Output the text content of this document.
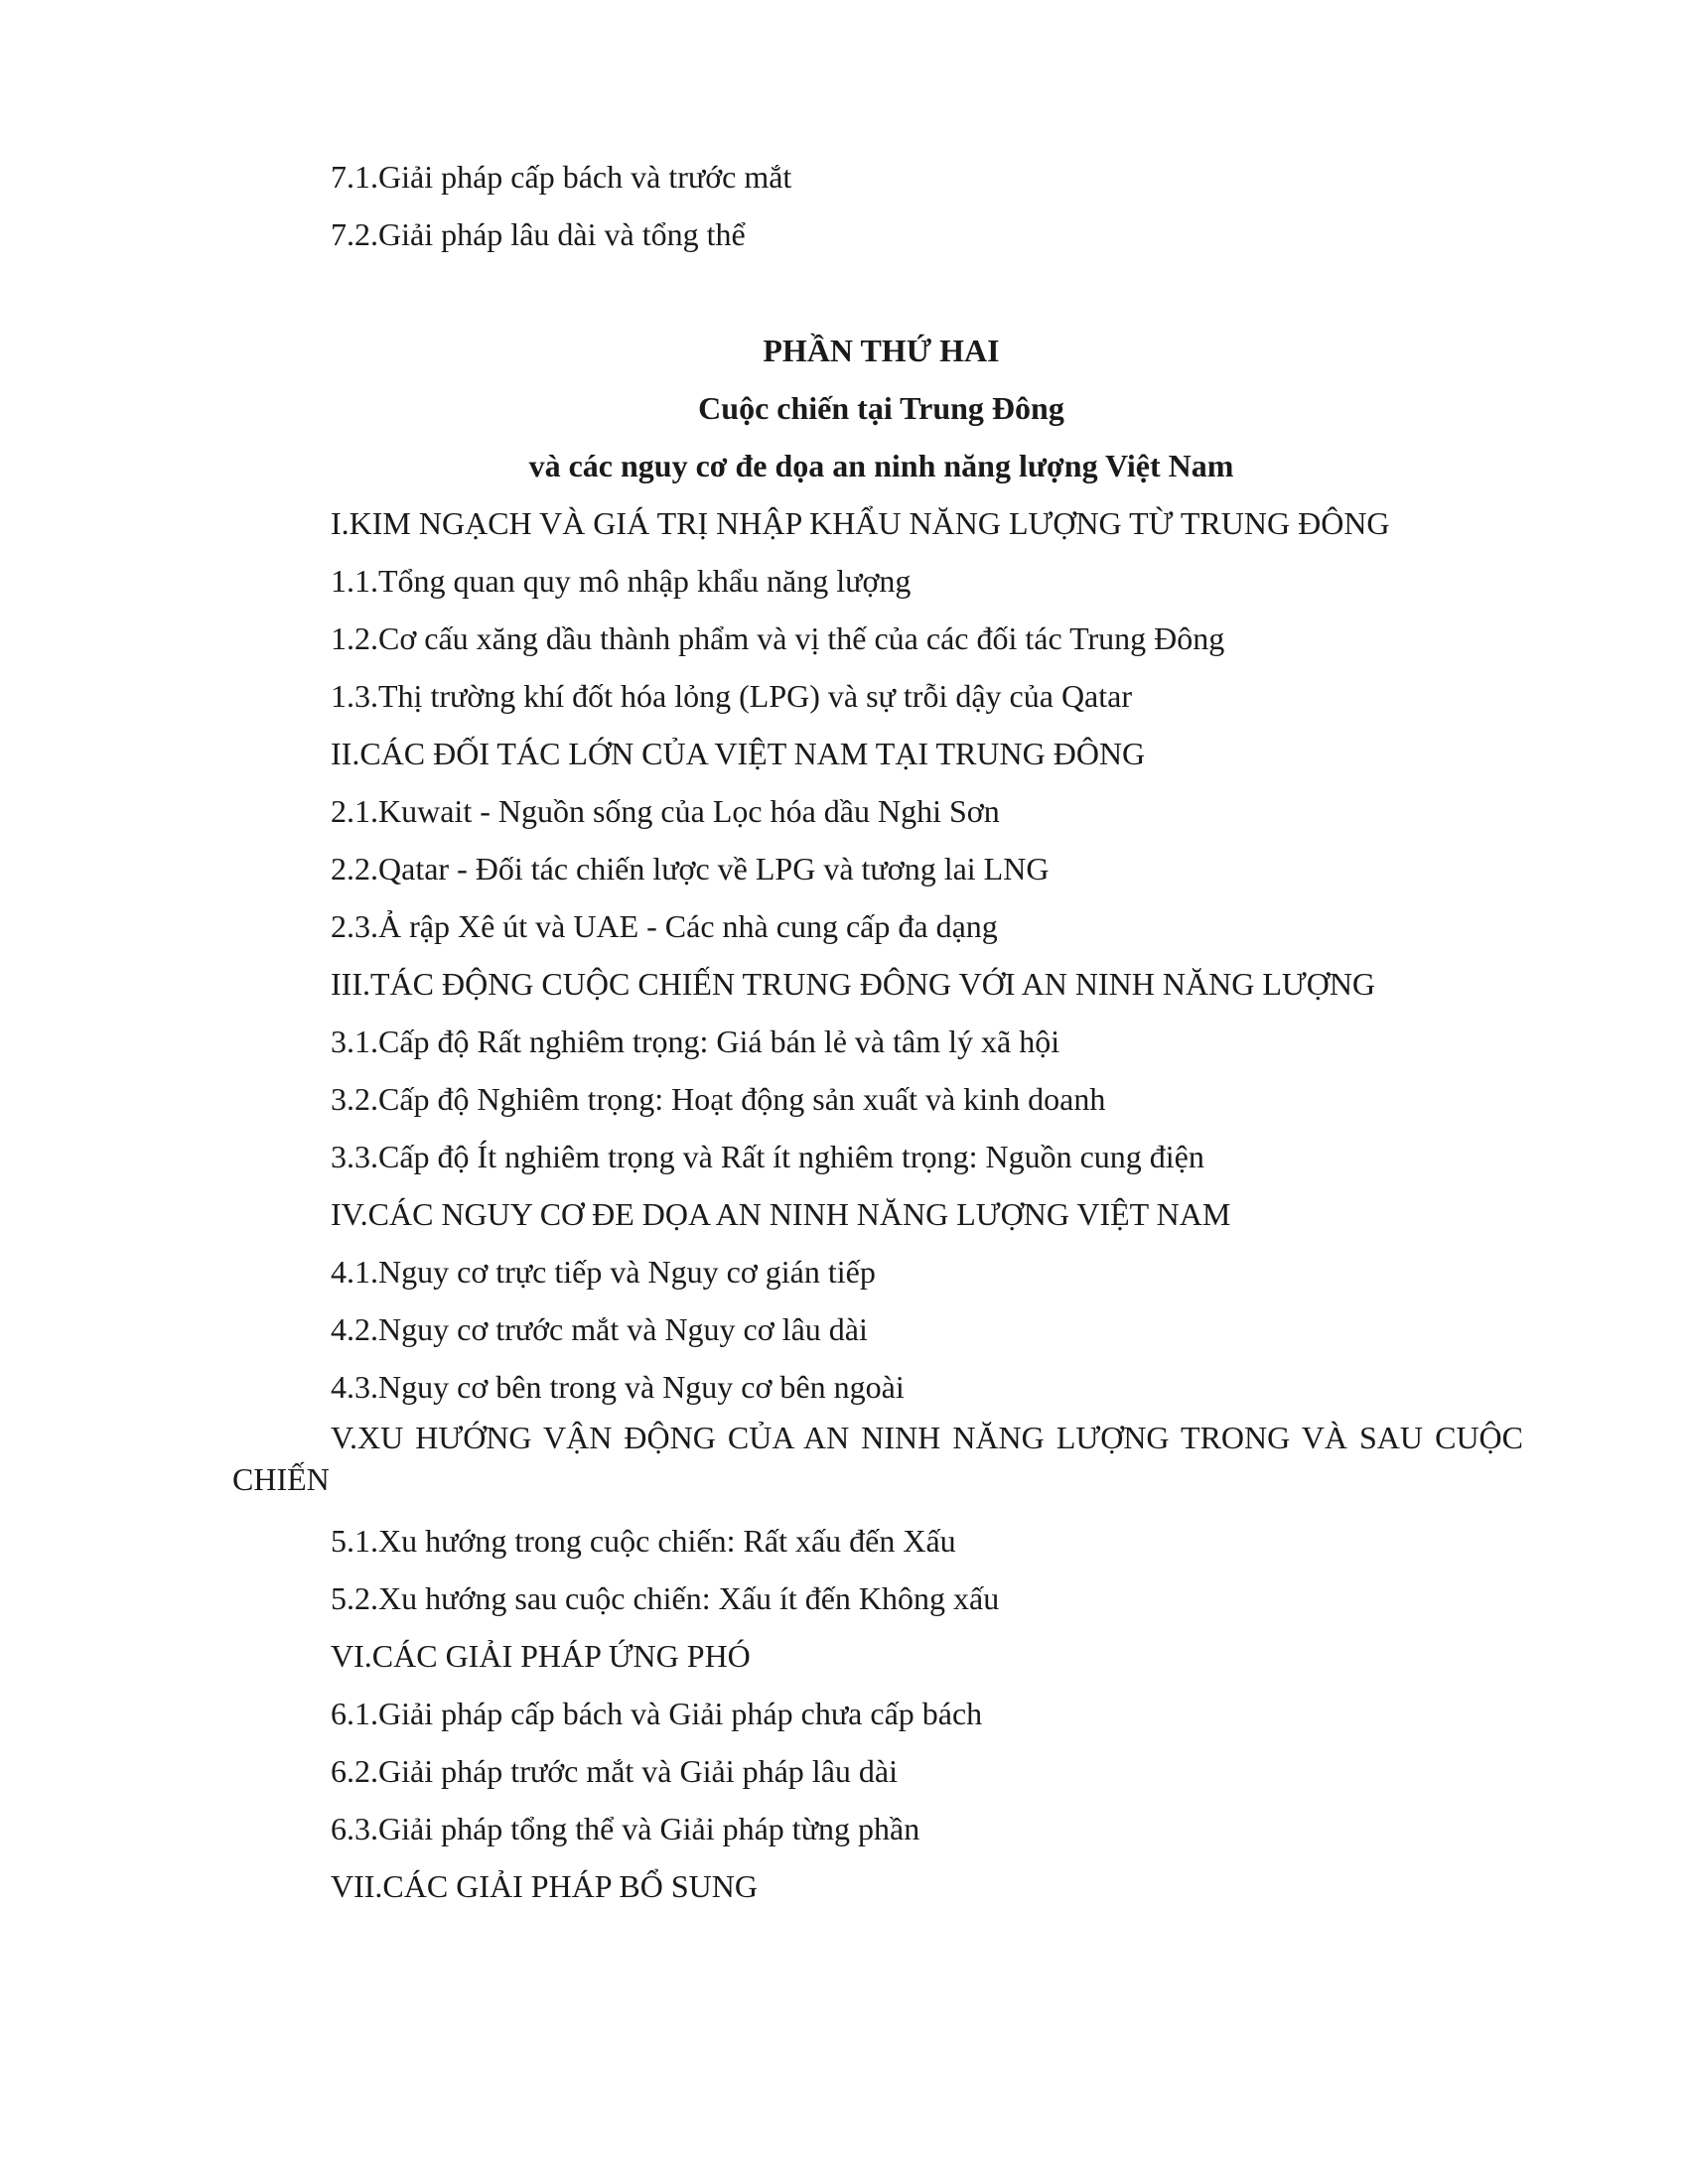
7.1.Giải pháp cấp bách và trước mắt
7.2.Giải pháp lâu dài và tổng thể
PHẦN THỨ HAI
Cuộc chiến tại Trung Đông
và các nguy cơ đe dọa an ninh năng lượng Việt Nam
I.KIM NGẠCH VÀ GIÁ TRỊ NHẬP KHẨU NĂNG LƯỢNG TỪ TRUNG ĐÔNG
1.1.Tổng quan quy mô nhập khẩu năng lượng
1.2.Cơ cấu xăng dầu thành phẩm và vị thế của các đối tác Trung Đông
1.3.Thị trường khí đốt hóa lỏng (LPG) và sự trỗi dậy của Qatar
II.CÁC ĐỐI TÁC LỚN CỦA VIỆT NAM TẠI TRUNG ĐÔNG
2.1.Kuwait - Nguồn sống của Lọc hóa dầu Nghi Sơn
2.2.Qatar - Đối tác chiến lược về LPG và tương lai LNG
2.3.Ả rập Xê út và UAE - Các nhà cung cấp đa dạng
III.TÁC ĐỘNG CUỘC CHIẾN TRUNG ĐÔNG VỚI AN NINH NĂNG LƯỢNG
3.1.Cấp độ Rất nghiêm trọng: Giá bán lẻ và tâm lý xã hội
3.2.Cấp độ Nghiêm trọng: Hoạt động sản xuất và kinh doanh
3.3.Cấp độ Ít nghiêm trọng và Rất ít nghiêm trọng: Nguồn cung điện
IV.CÁC NGUY CƠ ĐE DỌA AN NINH NĂNG LƯỢNG VIỆT NAM
4.1.Nguy cơ trực tiếp và Nguy cơ gián tiếp
4.2.Nguy cơ trước mắt và Nguy cơ lâu dài
4.3.Nguy cơ bên trong và Nguy cơ bên ngoài
V.XU HƯỚNG VẬN ĐỘNG CỦA AN NINH NĂNG LƯỢNG TRONG VÀ SAU CUỘC CHIẾN
5.1.Xu hướng trong cuộc chiến: Rất xấu đến Xấu
5.2.Xu hướng sau cuộc chiến: Xấu ít đến Không xấu
VI.CÁC GIẢI PHÁP ỨNG PHÓ
6.1.Giải pháp cấp bách và Giải pháp chưa cấp bách
6.2.Giải pháp trước mắt và Giải pháp lâu dài
6.3.Giải pháp tổng thể và Giải pháp từng phần
VII.CÁC GIẢI PHÁP BỔ SUNG
